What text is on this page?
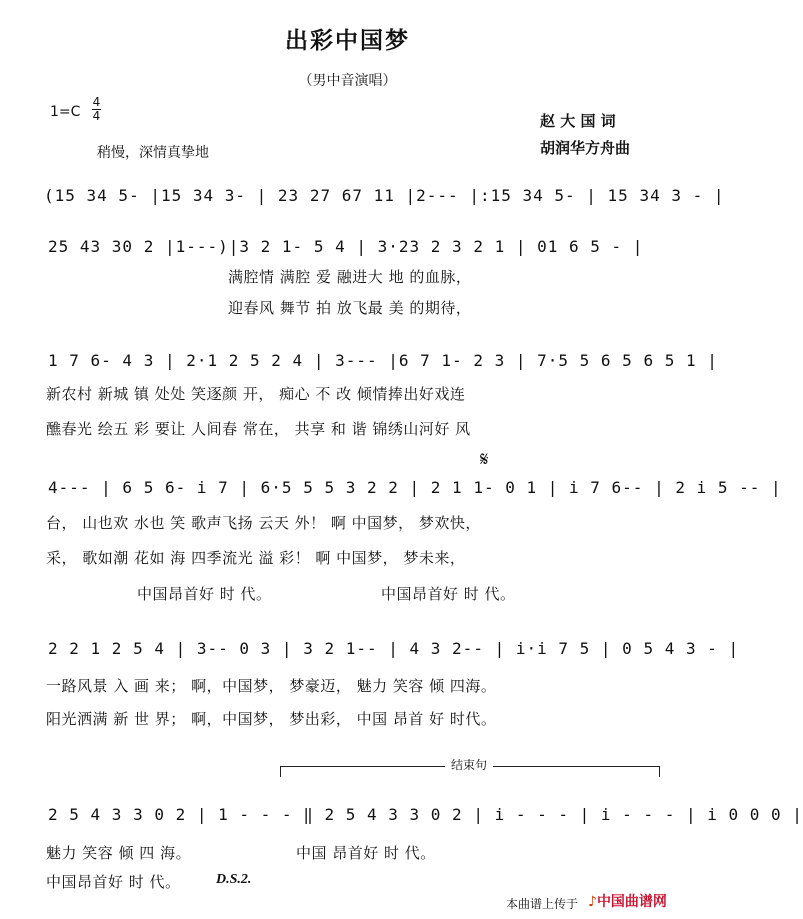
出彩中国梦
（男中音演唱）
1=C
4
4
稍慢，深情真挚地
赵 大 国 词
胡润华方舟曲
(15 34 5- |15 34 3- | 23 27 67 11 |2--- |:15 34 5- | 15 34 3 - |
25 43 30 2 |1---)|3 2 1- 5 4 | 3·23 2 3 2 1 | 01 6 5 - |
满腔情 满腔 爱 融进大 地 的血脉，
迎春风 舞节 拍 放飞最 美 的期待，
1 7 6- 4 3 | 2·1 2 5 2 4 | 3--- |6 7 1- 2 3 | 7·5 5 6 5 6 5 1 |
新农村 新城 镇 处处 笑逐颜 开， 痴心 不 改 倾情捧出好戏连
醮春光 绘五 彩 要让 人间春 常在， 共享 和 谐 锦绣山河好 风
𝄋
4--- | 6 5 6- i 7 | 6·5 5 5 3 2 2 | 2 1 1- 0 1 | i 7 6-- | 2 i 5 -- |
台， 山也欢 水也 笑 歌声飞扬 云天 外！ 啊 中国梦， 梦欢快，
采， 歌如潮 花如 海 四季流光 溢 彩！ 啊 中国梦， 梦未来，
中国昂首好 时 代。	中国昂首好 时 代。
2 2 1 2 5 4 | 3-- 0 3 | 3 2 1-- | 4 3 2-- | i·i 7 5 | 0 5 4 3 - |
一路风景 入 画 来； 啊，中国梦， 梦豪迈， 魅力 笑容 倾 四海。
阳光洒满 新 世 界； 啊，中国梦， 梦出彩， 中国 昂首 好 时代。
结束句
2 5 4 3 3 0 2 | 1 - - - ‖ 2 5 4 3 3 0 2 | i - - - | i - - - | i 0 0 0 |
魅力 笑容 倾 四 海。	中国 昂首好 时 代。
中国昂首好 时 代。	D.S.2.
本曲谱上传于 ♪中国曲谱网
